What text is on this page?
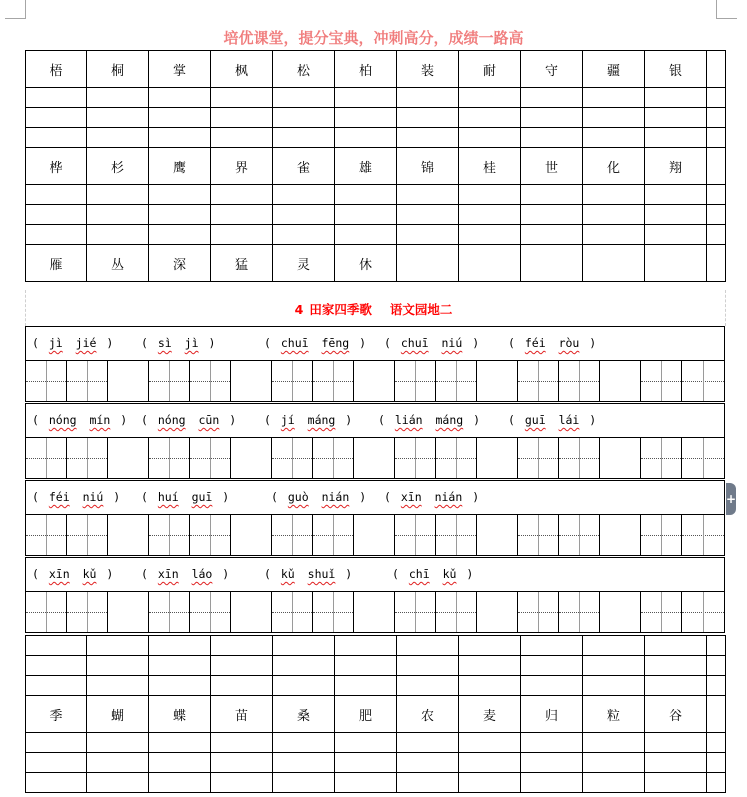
培优课堂，提分宝典，冲刺高分，成绩一路高
梧	桐	掌	枫	松	柏	装	耐	守	疆	银	

桦	杉	鹰	界	雀	雄	锦	桂	世	化	翔	

雁	丛	深	猛	灵	休						
4 田家四季歌 语文园地二
( jì jié ) ( sì jì )	( chuī fēng ) ( chuī niú )	( féi ròu )
( nóng mín ) ( nóng cūn ) ( jí máng ) ( lián máng ) ( guī lái )
( féi niú ) ( huí guī )	( guò nián ) ( xīn nián )
( xīn kǔ ) ( xīn láo )	( kǔ shuǐ )	( chī kǔ )

季	蝴	蝶	苗	桑	肥	农	麦	归	粒	谷	

+
